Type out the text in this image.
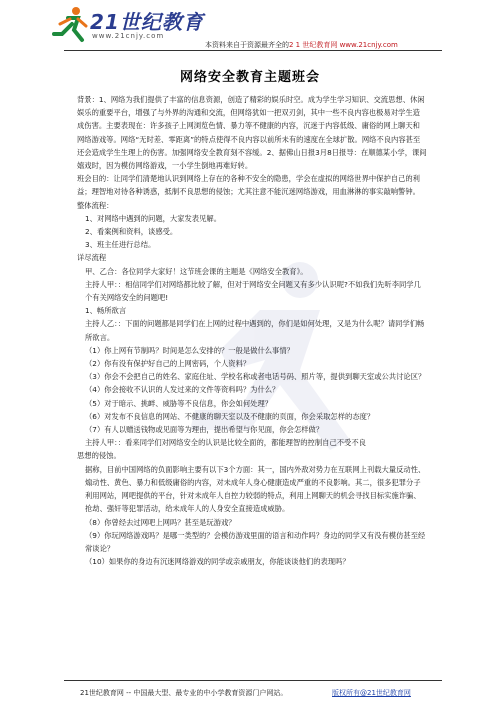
21世纪教育
www.21cnjy.com
本资料来自于资源最齐全的2 1 世纪教育网 www.21cnjy.com
网络安全教育主题班会

背景：1、网络为我们提供了丰富的信息资源，创造了精彩的娱乐时空。成为学生学习知识、交流思想、休闲娱乐的重要平台，增强了与外界的沟通和交流，但网络犹如一把双刃剑，其中一些不良内容也极易对学生造成伤害。主要表现在：许多孩子上网浏览色情、暴力等不健康的内容，沉迷于内容低级、庸俗的网上聊天和网络游戏等。网络“无时差、零距离”的特点使得不良内容以前所未有的速度在全球扩散。网络不良内容甚至还会造成学生生理上的伤害。加强网络安全教育刻不容缓。2、据佛山日报3月8日报导：在顺德某小学，课间嬉戏时，因为模仿网络游戏，一小学生倒地再难好转。

班会目的：让同学们清楚地认识到网络上存在的各种不安全的隐患，学会在虚拟的网络世界中保护自己的利益；理智地对待各种诱惑，抵制不良思想的侵蚀；尤其注意不能沉迷网络游戏，用血淋淋的事实敲响警钟。

整体流程：

1、对网络中遇到的问题，大家发表见解。

2、看案例和资料，谈感受。

3、班主任进行总结。

详尽流程

甲、乙合：各位同学大家好！这节班会课的主题是《网络安全教育》。

主持人甲：：相信同学们对网络都比较了解，但对于网络安全问题又有多少认识呢?不如我们先听李同学几个有关网络安全的问题吧!

1、畅所欲言

主持人乙：：下面的问题都是同学们在上网的过程中遇到的，你们是如何处理，又是为什么呢？请同学们畅所欲言。

（1）你上网有节制吗？时间是怎么安排的？一般是做什么事情？

（2）你有没有保护好自己的上网密码，个人资料？

（3）你会不会把自己的姓名、家庭住址、学校名称或者电话号码、照片等，提供到聊天室或公共讨论区？

（4）你会接收不认识的人发过来的文件等资料吗？为什么？

（5）对于暗示、挑衅、威胁等不良信息，你会如何处理？

（6）对发布不良信息的网站、不健康的聊天室以及不健康的页面，你会采取怎样的态度？

（7）有人以赠送钱物或见面等为理由，提出希望与你见面，你会怎样做？

主持人甲：：看来同学们对网络安全的认识是比较全面的，都能理智的控制自己不受不良

思想的侵蚀。

据称，目前中国网络的负面影响主要有以下3个方面：其一，国内外敌对势力在互联网上刊载大量反动性、煽动性、黄色、暴力和低级庸俗的内容，对未成年人身心健康造成严重的不良影响。其二，很多犯罪分子利用网站，网吧提供的平台，针对未成年人自控力较弱的特点，利用上网聊天的机会寻找目标实施诈骗、抢劫、强奸等犯罪活动，给未成年人的人身安全直接造成威胁。

（8）你曾经去过网吧上网吗？甚至是玩游戏？

（9）你玩网络游戏吗？是哪一类型的？会模仿游戏里面的语言和动作吗？身边的同学又有没有模仿甚至经常谈论？

（10）如果你的身边有沉迷网络游戏的同学或亲戚朋友，你能谈谈他们的表现吗？

21世纪教育网 -- 中国最大型、最专业的中小学教育资源门户网站。	版权所有@21世纪教育网
